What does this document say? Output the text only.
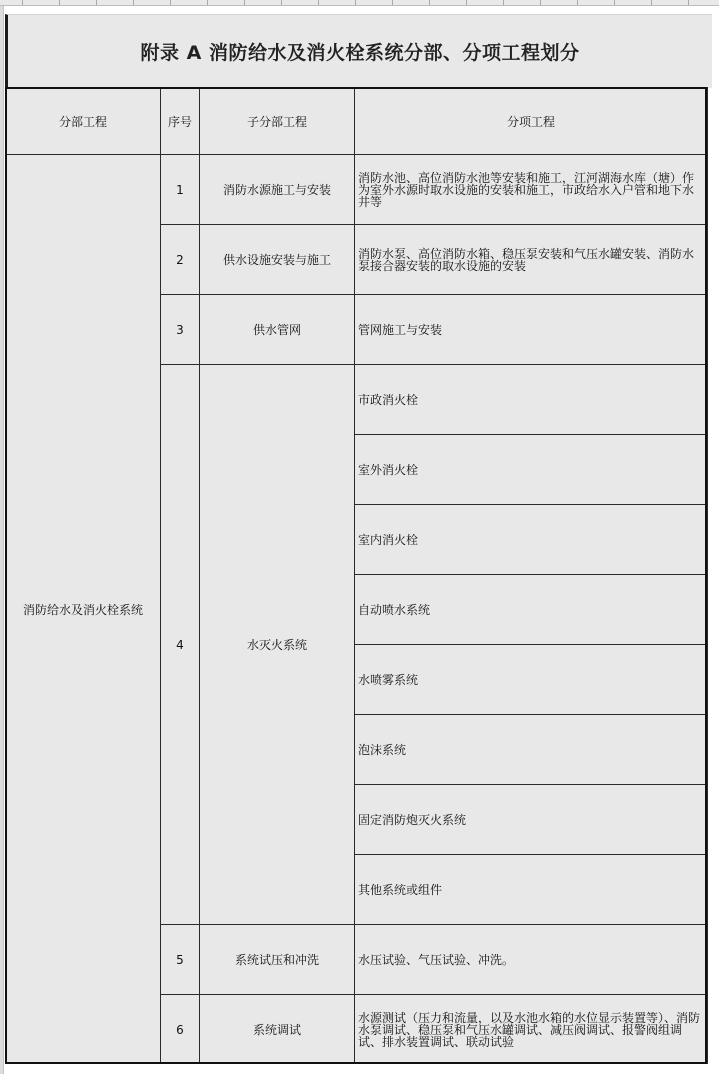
附录 A 消防给水及消火栓系统分部、分项工程划分
分部工程	序号	子分部工程	分项工程
消防给水及消火栓系统	1	消防水源施工与安装	消防水池、高位消防水池等安装和施工，江河湖海水库（塘）作为室外水源时取水设施的安装和施工，市政给水入户管和地下水井等
	2	供水设施安装与施工	消防水泵、高位消防水箱、稳压泵安装和气压水罐安装、消防水泵接合器安装的取水设施的安装
	3	供水管网	管网施工与安装
	4	水灭火系统	市政消火栓
			室外消火栓
			室内消火栓
			自动喷水系统
			水喷雾系统
			泡沫系统
			固定消防炮灭火系统
			其他系统或组件
	5	系统试压和冲洗	水压试验、气压试验、冲洗。
	6	系统调试	水源测试（压力和流量，以及水池水箱的水位显示装置等）、消防水泵调试、稳压泵和气压水罐调试、减压阀调试、报警阀组调试、排水装置调试、联动试验
